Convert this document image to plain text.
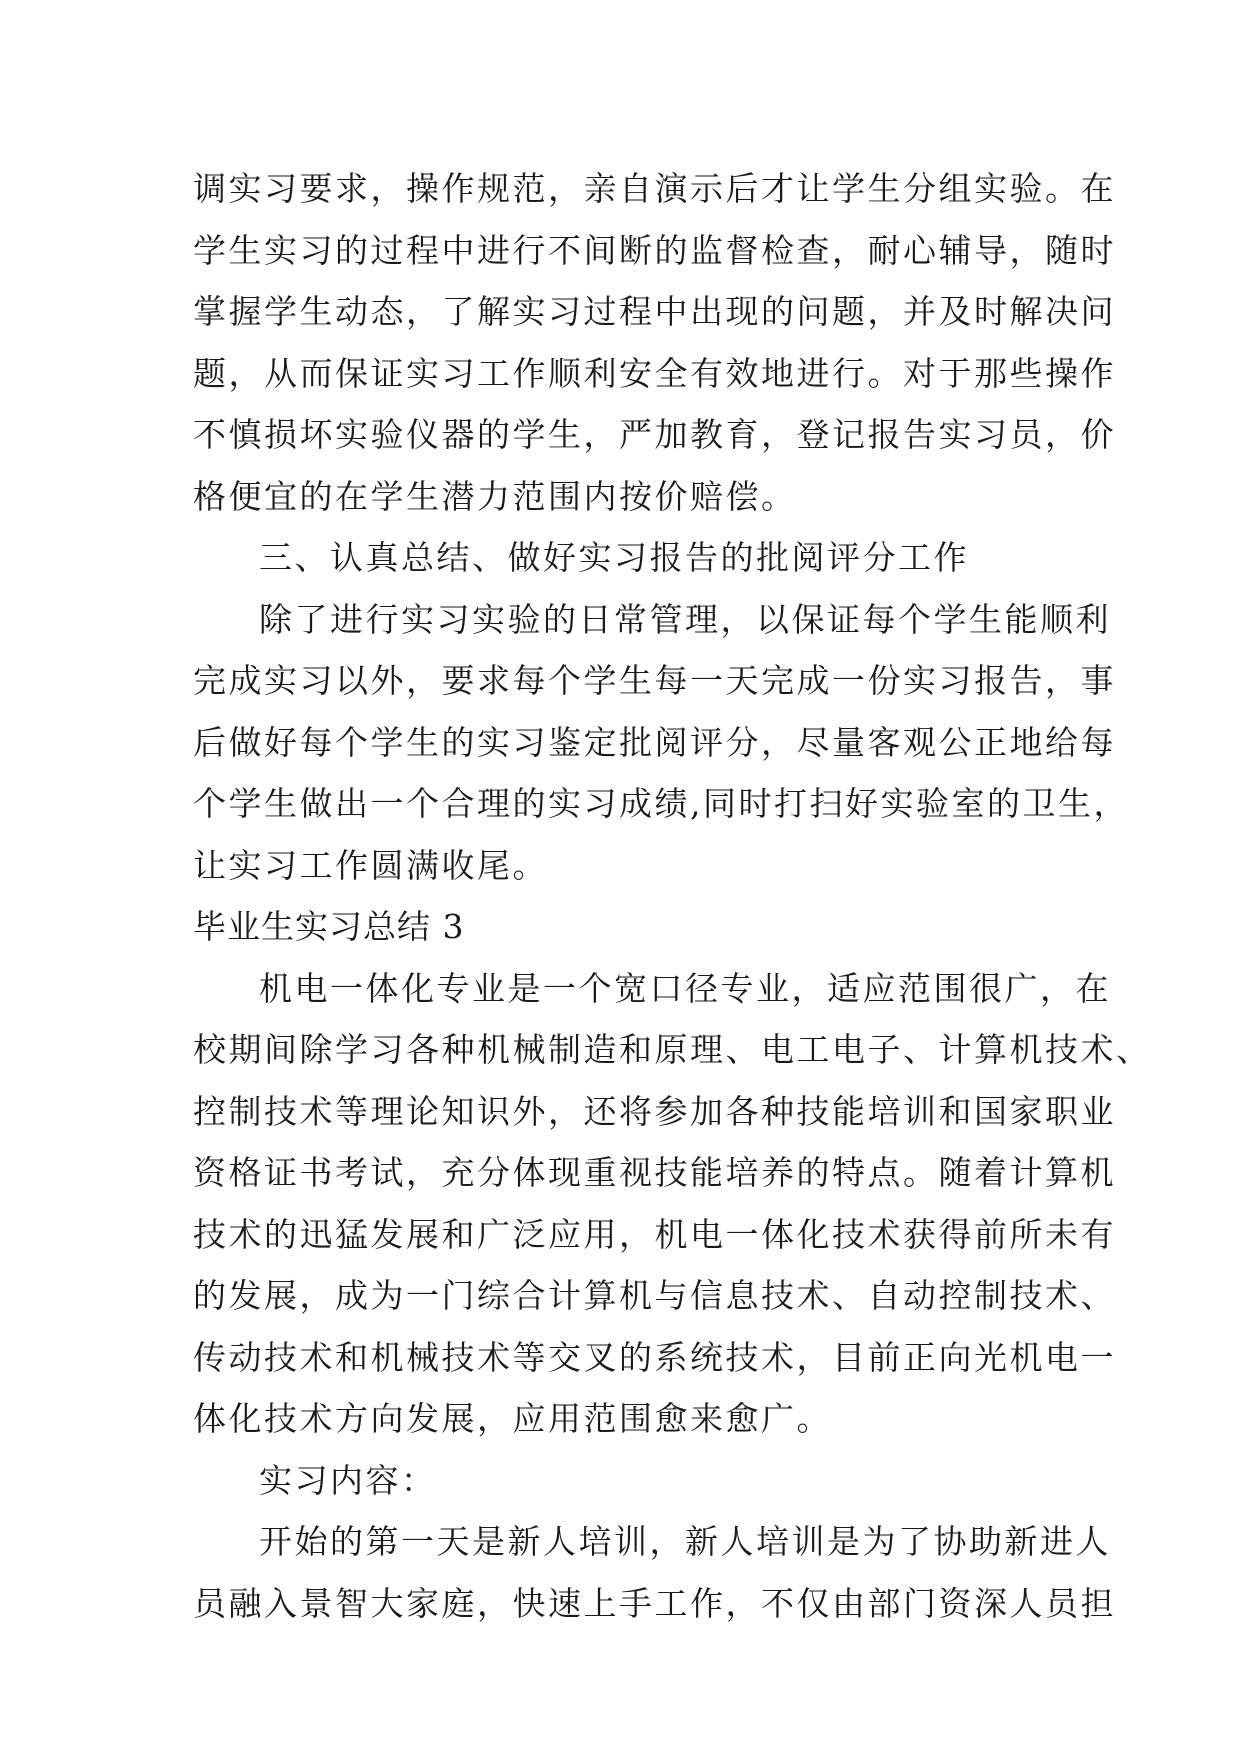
调实习要求，操作规范，亲自演示后才让学生分组实验。在
学生实习的过程中进行不间断的监督检查，耐心辅导，随时
掌握学生动态，了解实习过程中出现的问题，并及时解决问
题，从而保证实习工作顺利安全有效地进行。对于那些操作
不慎损坏实验仪器的学生，严加教育，登记报告实习员，价
格便宜的在学生潜力范围内按价赔偿。
三、认真总结、做好实习报告的批阅评分工作
除了进行实习实验的日常管理，以保证每个学生能顺利
完成实习以外，要求每个学生每一天完成一份实习报告，事
后做好每个学生的实习鉴定批阅评分，尽量客观公正地给每
个学生做出一个合理的实习成绩,同时打扫好实验室的卫生，
让实习工作圆满收尾。
毕业生实习总结 3
机电一体化专业是一个宽口径专业，适应范围很广，在
校期间除学习各种机械制造和原理、电工电子、计算机技术、
控制技术等理论知识外，还将参加各种技能培训和国家职业
资格证书考试，充分体现重视技能培养的特点。随着计算机
技术的迅猛发展和广泛应用，机电一体化技术获得前所未有
的发展，成为一门综合计算机与信息技术、自动控制技术、
传动技术和机械技术等交叉的系统技术，目前正向光机电一
体化技术方向发展，应用范围愈来愈广。
实习内容：
开始的第一天是新人培训，新人培训是为了协助新进人
员融入景智大家庭，快速上手工作，不仅由部门资深人员担
